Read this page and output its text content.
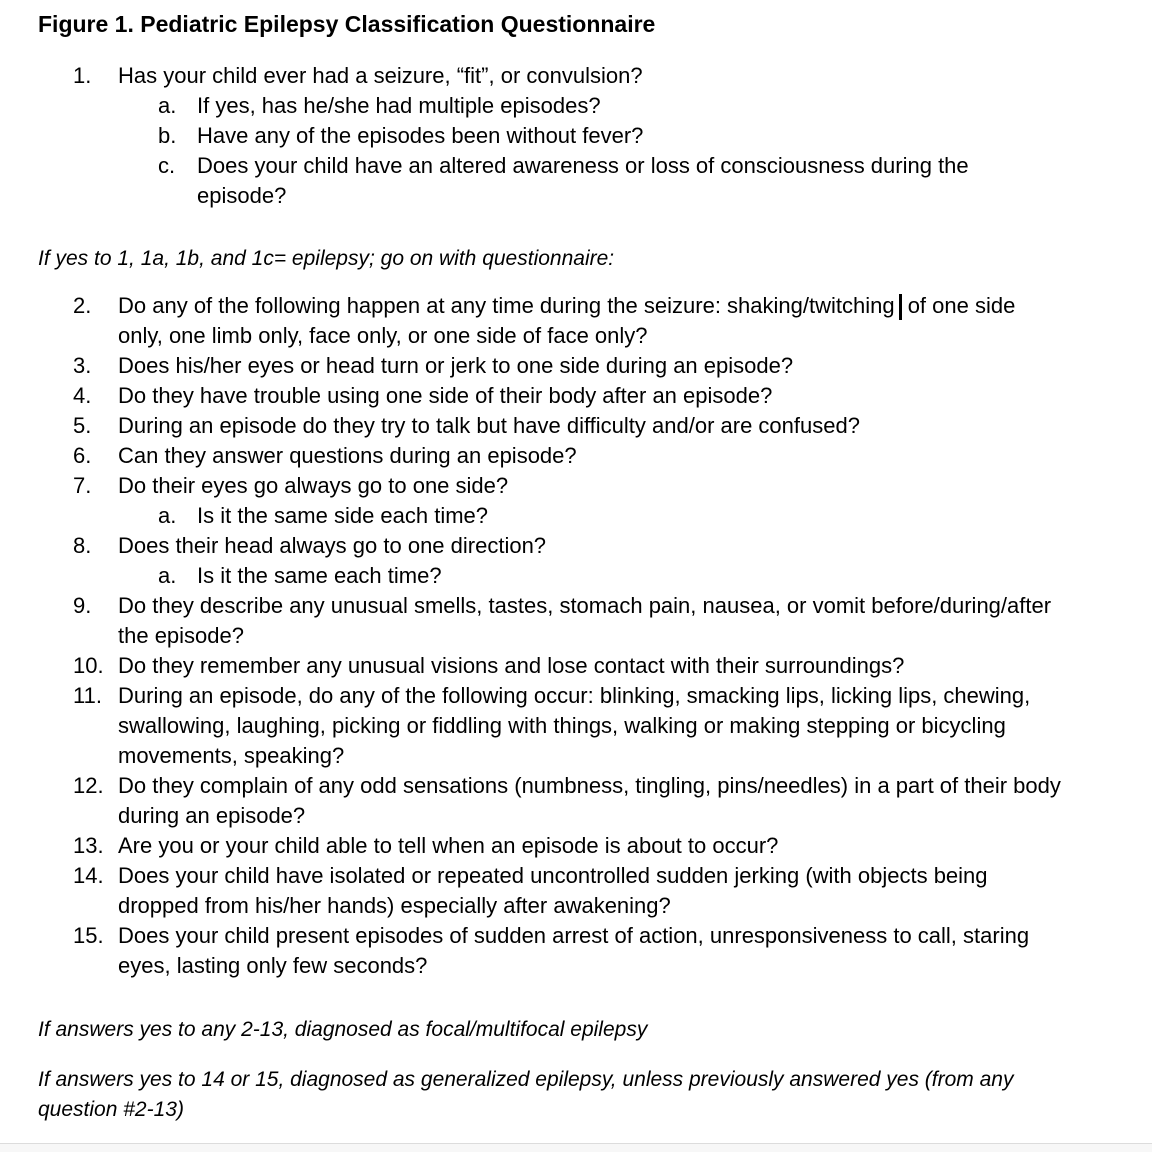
Figure 1. Pediatric Epilepsy Classification Questionnaire
1.	Has your child ever had a seizure, “fit”, or convulsion?
a. If yes, has he/she had multiple episodes?
b. Have any of the episodes been without fever?
c. Does your child have an altered awareness or loss of consciousness during the episode?

If yes to 1, 1a, 1b, and 1c= epilepsy; go on with questionnaire:

2.	Do any of the following happen at any time during the seizure: shaking/twitching of one side only, one limb only, face only, or one side of face only?
3.	Does his/her eyes or head turn or jerk to one side during an episode?
4.	Do they have trouble using one side of their body after an episode?
5.	During an episode do they try to talk but have difficulty and/or are confused?
6.	Can they answer questions during an episode?
7.	Do their eyes go always go to one side?
a. Is it the same side each time?
8.	Does their head always go to one direction?
a. Is it the same each time?
9.	Do they describe any unusual smells, tastes, stomach pain, nausea, or vomit before/during/after the episode?
10. Do they remember any unusual visions and lose contact with their surroundings?
11. During an episode, do any of the following occur: blinking, smacking lips, licking lips, chewing, swallowing, laughing, picking or fiddling with things, walking or making stepping or bicycling movements, speaking?
12. Do they complain of any odd sensations (numbness, tingling, pins/needles) in a part of their body during an episode?
13. Are you or your child able to tell when an episode is about to occur?
14. Does your child have isolated or repeated uncontrolled sudden jerking (with objects being dropped from his/her hands) especially after awakening?
15. Does your child present episodes of sudden arrest of action, unresponsiveness to call, staring eyes, lasting only few seconds?

If answers yes to any 2-13, diagnosed as focal/multifocal epilepsy

If answers yes to 14 or 15, diagnosed as generalized epilepsy, unless previously answered yes (from any question #2-13)
